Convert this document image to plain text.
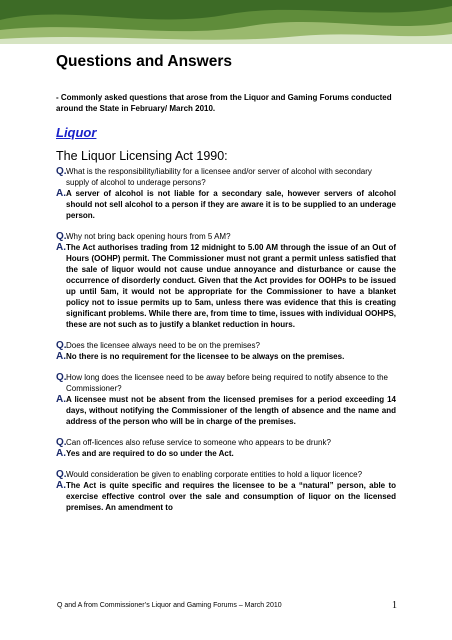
Questions and Answers
- Commonly asked questions that arose from the Liquor and Gaming Forums conducted around the State in February/ March 2010.
Liquor
The Liquor Licensing Act 1990:
Q. What is the responsibility/liability for a licensee and/or server of alcohol with secondary supply of alcohol to underage persons?
A. A server of alcohol is not liable for a secondary sale, however servers of alcohol should not sell alcohol to a person if they are aware it is to be supplied to an underage person.
Q. Why not bring back opening hours from 5 AM?
A. The Act authorises trading from 12 midnight to 5.00 AM through the issue of an Out of Hours (OOHP) permit. The Commissioner must not grant a permit unless satisfied that the sale of liquor would not cause undue annoyance and disturbance or cause the occurrence of disorderly conduct. Given that the Act provides for OOHPs to be issued up until 5am, it would not be appropriate for the Commissioner to have a blanket policy not to issue permits up to 5am, unless there was evidence that this is creating significant problems. While there are, from time to time, issues with individual OOHPS, these are not such as to justify a blanket reduction in hours.
Q. Does the licensee always need to be on the premises?
A. No there is no requirement for the licensee to be always on the premises.
Q. How long does the licensee need to be away before being required to notify absence to the Commissioner?
A. A licensee must not be absent from the licensed premises for a period exceeding 14 days, without notifying the Commissioner of the length of absence and the name and address of the person who will be in charge of the premises.
Q. Can off-licences also refuse service to someone who appears to be drunk?
A. Yes and are required to do so under the Act.
Q. Would consideration be given to enabling corporate entities to hold a liquor licence?
A. The Act is quite specific and requires the licensee to be a “natural” person, able to exercise effective control over the sale and consumption of liquor on the licensed premises. An amendment to
Q and A from Commissioner’s Liquor and Gaming Forums – March 2010	1
